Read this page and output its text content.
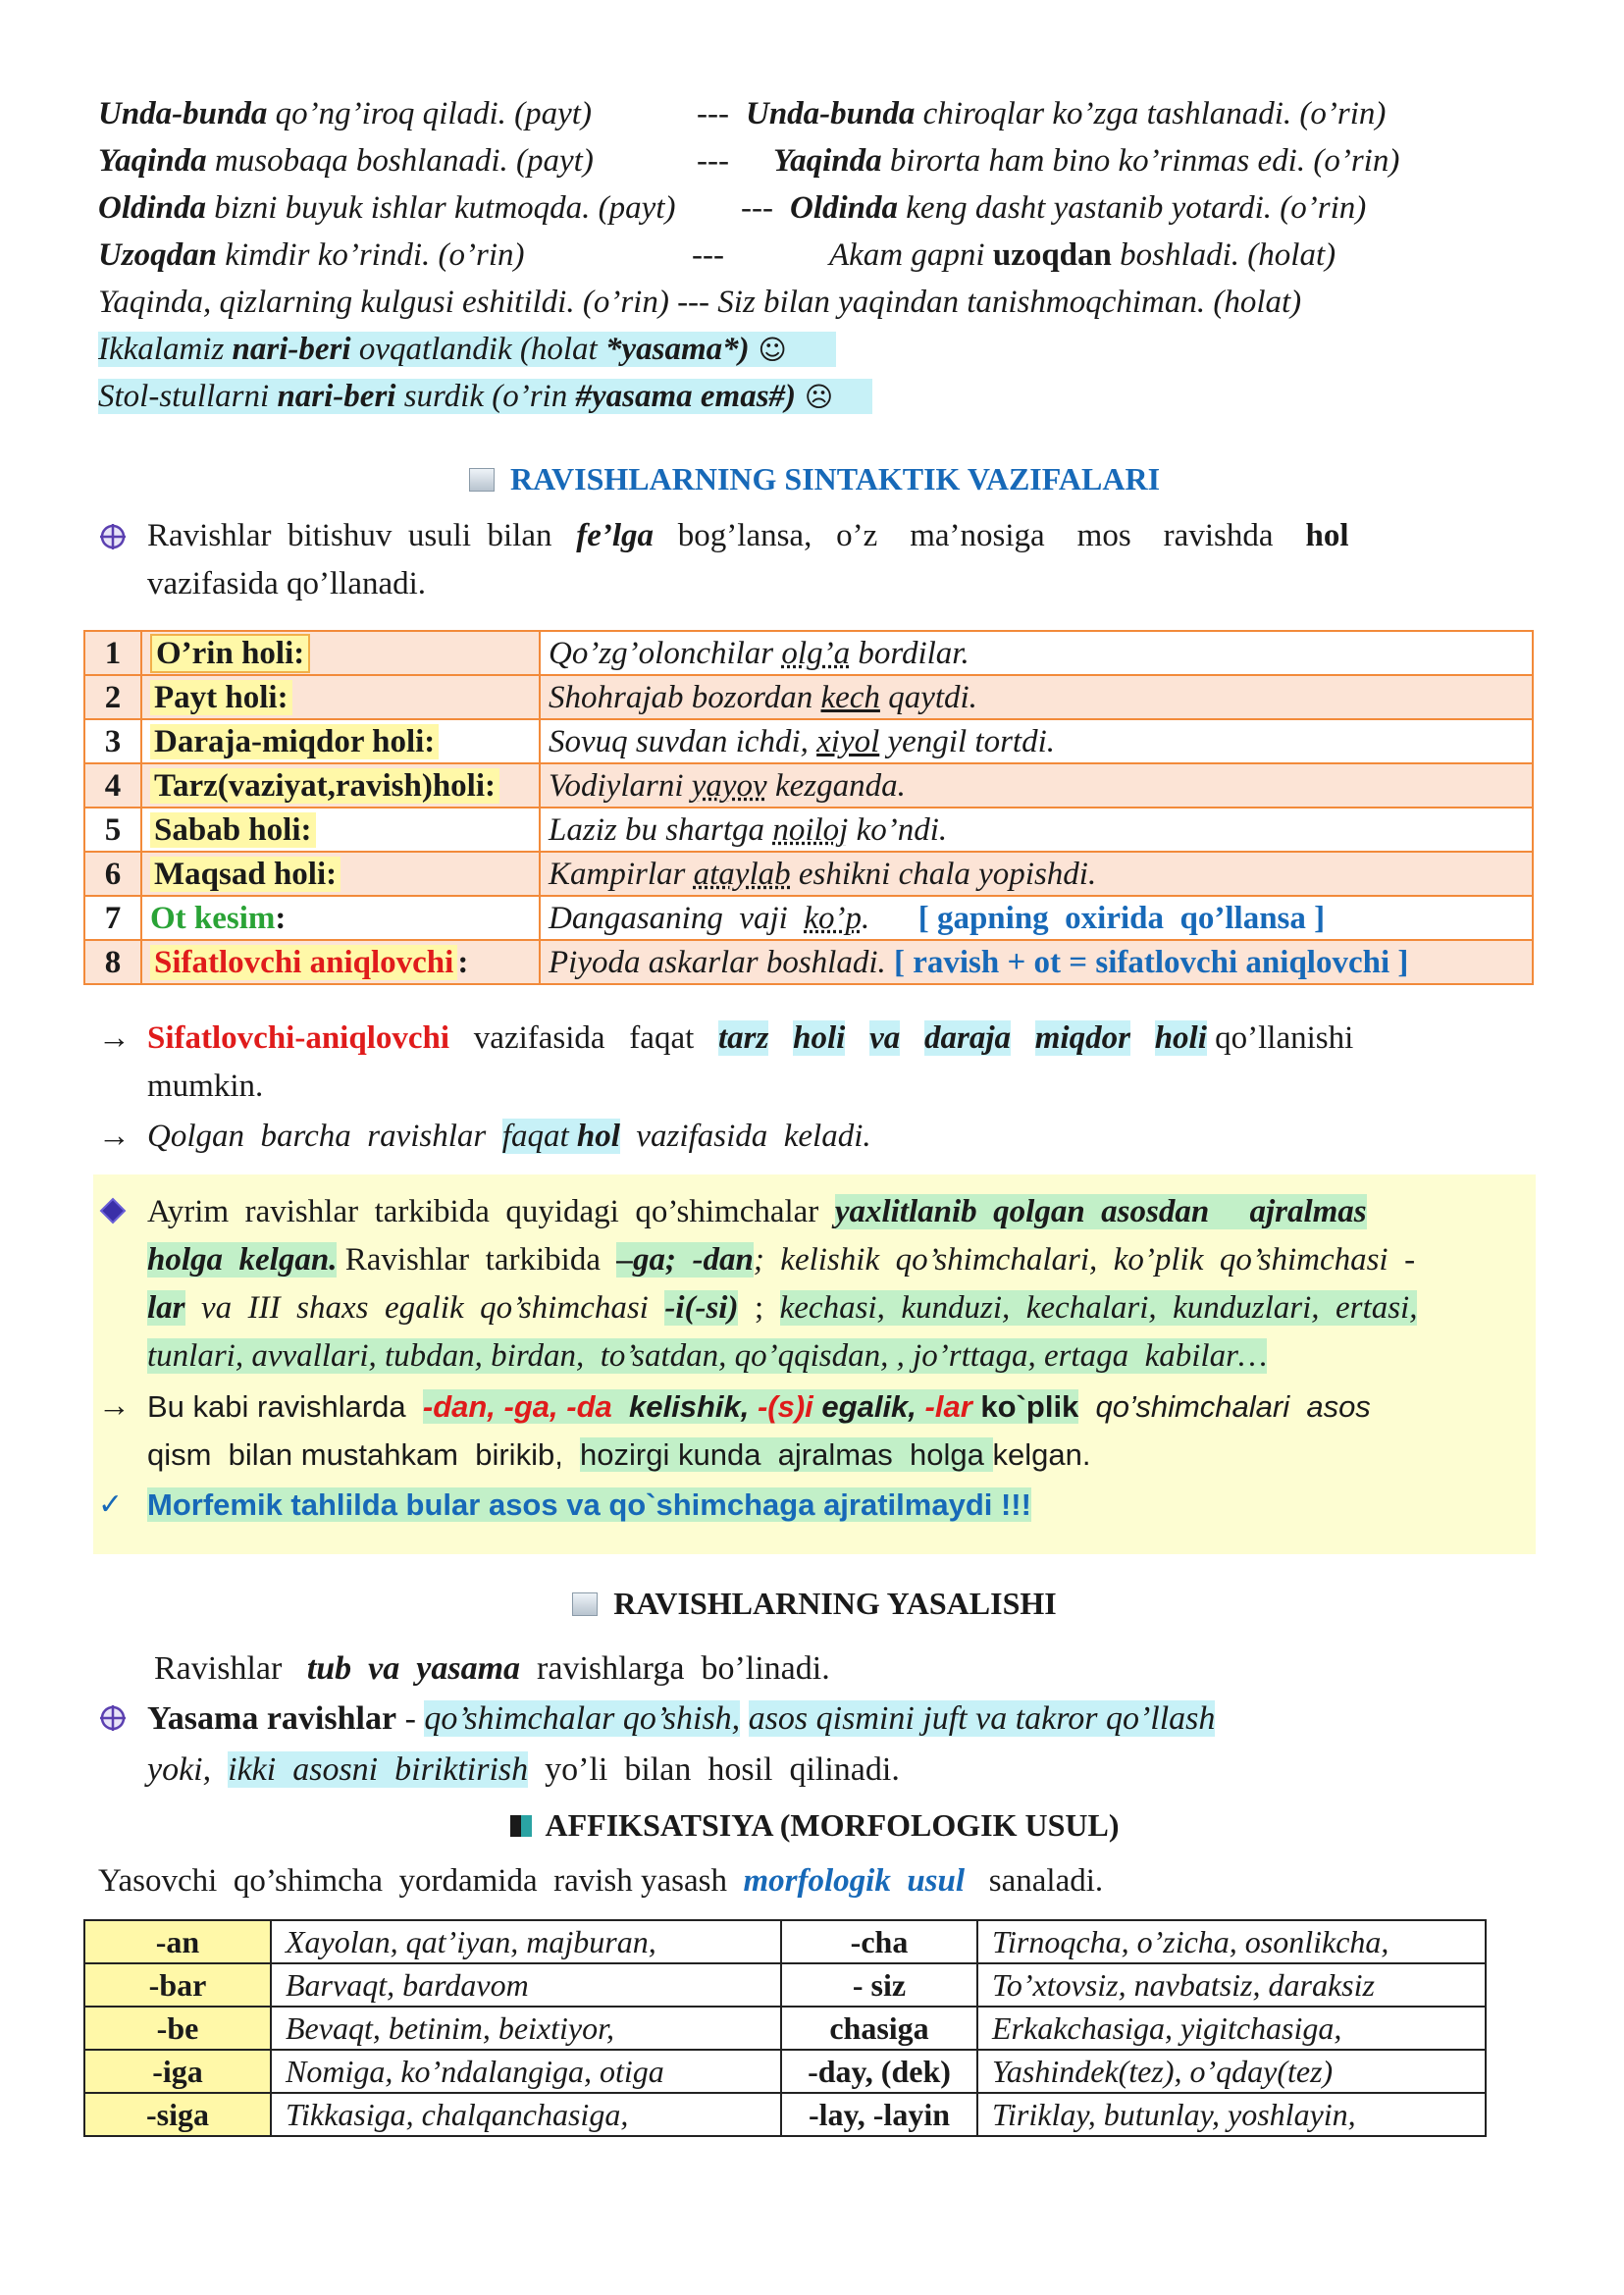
Unda-bunda qo’ng’iroq qiladi. (payt)	--- Unda-bunda chiroqlar ko’zga tashlanadi. (o’rin)
Yaqinda musobaqa boshlanadi. (payt)	--- Yaqinda birorta ham bino ko’rinmas edi. (o’rin)
Oldinda bizni buyuk ishlar kutmoqda. (payt) --- Oldinda keng dasht yastanib yotardi. (o’rin)
Uzoqdan kimdir ko’rindi. (o’rin)	---	Akam gapni uzoqdan boshladi. (holat)
Yaqinda, qizlarning kulgusi eshitildi. (o’rin) --- Siz bilan yaqindan tanishmoqchiman. (holat)
Ikkalamiz nari-beri ovqatlandik (holat *yasama*) ☺
Stol-stullarni nari-beri surdik (o’rin #yasama emas#) ☹
RAVISHLARNING SINTAKTIK VAZIFALARI
Ravishlar  bitishuv  usuli  bilan   fe’lga   bog’lansa,   o’z    ma’nosiga    mos    ravishda    hol
vazifasida qo’llanadi.
1	O’rin holi:	Qo’zg’olonchilar olg’a bordilar.
2	Payt holi:	Shohrajab bozordan kech qaytdi.
3	Daraja-miqdor holi:	Sovuq suvdan ichdi, xiyol yengil tortdi.
4	Tarz(vaziyat,ravish)holi:	Vodiylarni yayov kezganda.
5	Sabab holi:	Laziz bu shartga noiloj ko’ndi.
6	Maqsad holi:	Kampirlar ataylab eshikni chala yopishdi.
7	Ot kesim:	Dangasaning  vaji  ko’p.      [ gapning  oxirida  qo’llansa ]
8	Sifatlovchi aniqlovchi :	Piyoda askarlar boshladi. [ ravish + ot = sifatlovchi aniqlovchi ]
→ Sifatlovchi-aniqlovchi   vazifasida   faqat   tarz holi va daraja miqdor holi qo’llanishi
mumkin.
→ Qolgan  barcha  ravishlar  faqat hol  vazifasida  keladi.
Ayrim  ravishlar  tarkibida  quyidagi  qo’shimchalar  yaxlitlanib  qolgan  asosdan     ajralmas
holga  kelgan. Ravishlar  tarkibida  –ga;  -dan;  kelishik  qo’shimchalari,  ko’plik  qo’shimchasi  -
lar  va  III  shaxs  egalik  qo’shimchasi  -i(-si)  ;  kechasi,  kunduzi,  kechalari,  kunduzlari,  ertasi,
tunlari, avvallari, tubdan, birdan,  to’satdan, qo’qqisdan, , jo’rttaga, ertaga  kabilar…
→ Bu kabi ravishlarda  -dan, -ga, -da  kelishik, -(s)i egalik, -lar ko`plik  qo’shimchalari  asos
qism  bilan mustahkam  birikib,  hozirgi kunda  ajralmas  holga kelgan.
✓ Morfemik tahlilda bular asos va qo`shimchaga ajratilmaydi !!!
RAVISHLARNING YASALISHI
Ravishlar   tub  va  yasama  ravishlarga  bo’linadi.
Yasama ravishlar - qo’shimchalar qo’shish, asos qismini juft va takror qo’llash
yoki,  ikki  asosni  biriktirish  yo’li  bilan  hosil  qilinadi.
AFFIKSATSIYA (MORFOLOGIK USUL)
Yasovchi  qo’shimcha  yordamida  ravish yasash  morfologik  usul   sanaladi.
-an	Xayolan, qat’iyan, majburan,	-cha	Tirnoqcha, o’zicha, osonlikcha,
-bar	Barvaqt, bardavom	- siz	To’xtovsiz, navbatsiz, daraksiz
-be	Bevaqt, betinim, beixtiyor,	chasiga	Erkakchasiga, yigitchasiga,
-iga	Nomiga, ko’ndalangiga, otiga	-day, (dek)	Yashindek(tez), o’qday(tez)
-siga	Tikkasiga, chalqanchasiga,	-lay, -layin	Tiriklay, butunlay, yoshlayin,
